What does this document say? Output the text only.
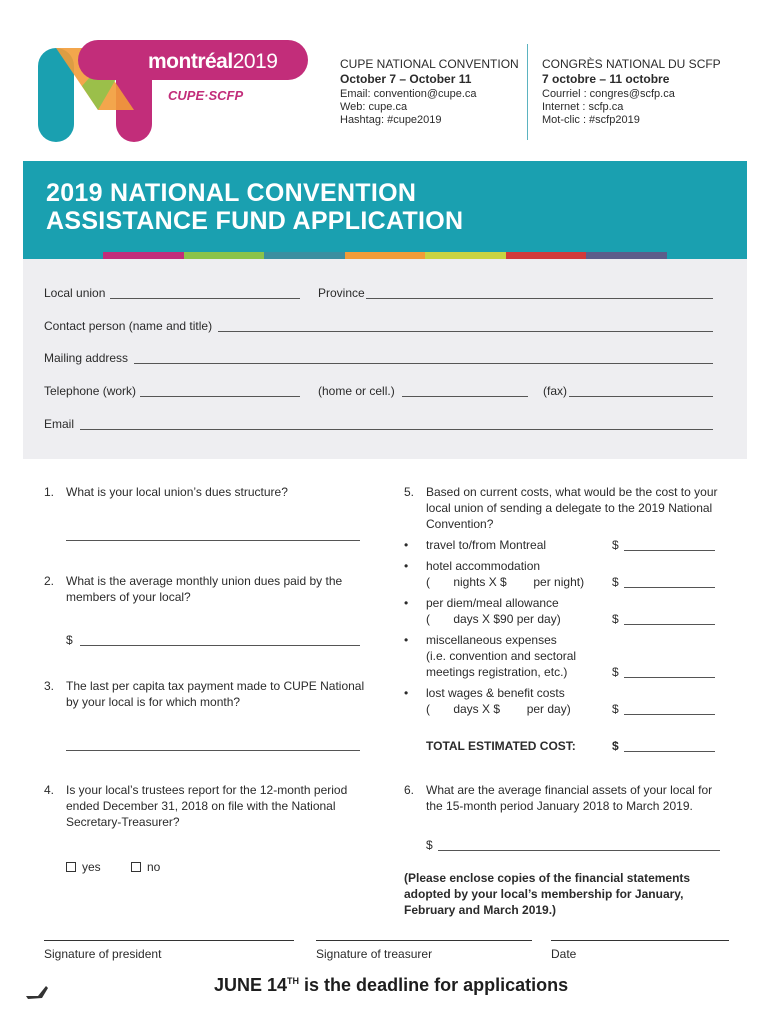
montréal2019
CUPE·SCFP
CUPE NATIONAL CONVENTION
October 7 – October 11
Email: convention@cupe.ca
Web: cupe.ca
Hashtag: #cupe2019
CONGRÈS NATIONAL DU SCFP
7 octobre – 11 octobre
Courriel : congres@scfp.ca
Internet : scfp.ca
Mot-clic : #scfp2019
2019 NATIONAL CONVENTION
ASSISTANCE FUND APPLICATION
Local union	Province
Contact person (name and title)
Mailing address
Telephone (work)	(home or cell.)	(fax)
Email
1. What is your local union’s dues structure?
2. What is the average monthly union dues paid by the
members of your local?
$
3. The last per capita tax payment made to CUPE National
by your local is for which month?
4. Is your local’s trustees report for the 12-month period
ended December 31, 2018 on file with the National
Secretary-Treasurer?
yes	no
5. Based on current costs, what would be the cost to your
local union of sending a delegate to the 2019 National
Convention?
• travel to/from Montreal	$
• hotel accommodation
(       nights X $        per night) $
• per diem/meal allowance
(       days X $90 per day)	$
• miscellaneous expenses
(i.e. convention and sectoral
meetings registration, etc.)	$
• lost wages & benefit costs
(       days X $        per day)	$
TOTAL ESTIMATED COST:	$
6. What are the average financial assets of your local for
the 15-month period January 2018 to March 2019.
$
(Please enclose copies of the financial statements
adopted by your local’s membership for January,
February and March 2019.)
Signature of president	Signature of treasurer	Date
JUNE 14TH is the deadline for applications
